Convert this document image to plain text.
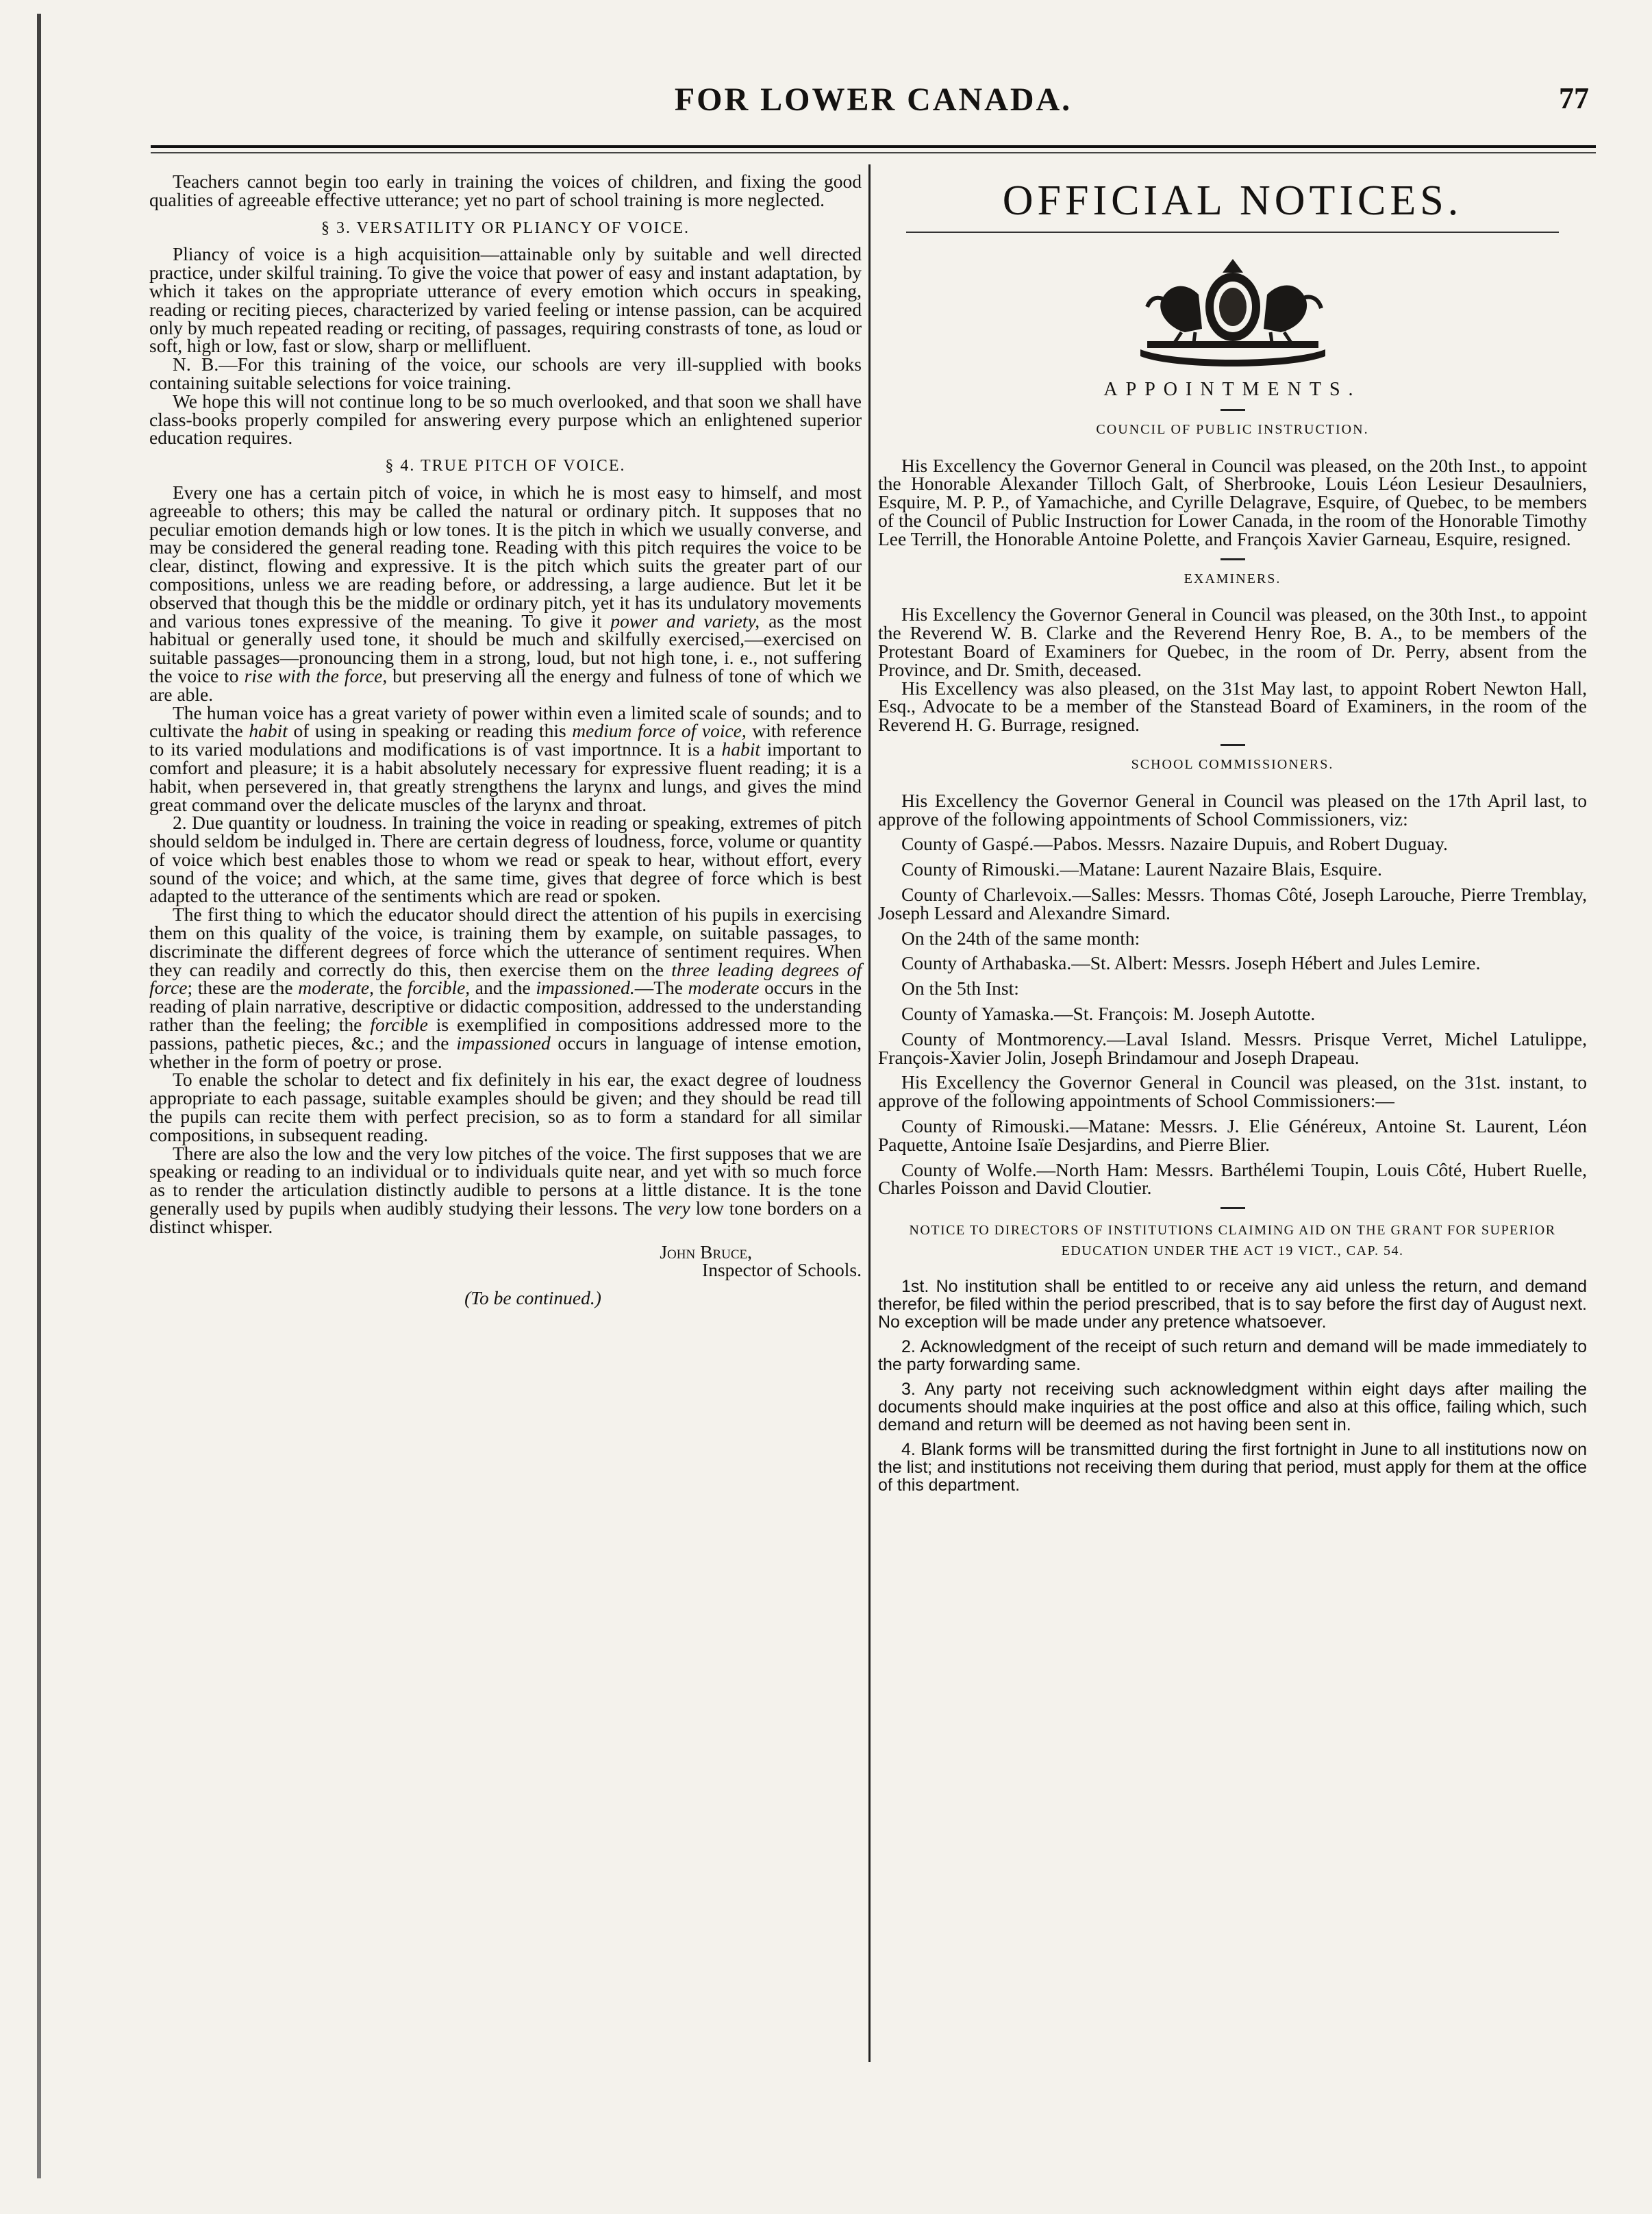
FOR LOWER CANADA.	77

Teachers cannot begin too early in training the voices of children, and fixing the good qualities of agreeable effective utterance; yet no part of school training is more neglected.

§ 3. VERSATILITY OR PLIANCY OF VOICE.

Pliancy of voice is a high acquisition—attainable only by suitable and well directed practice, under skilful training. To give the voice that power of easy and instant adaptation, by which it takes on the appropriate utterance of every emotion which occurs in speaking, reading or reciting pieces, characterized by varied feeling or intense passion, can be acquired only by much repeated reading or reciting, of passages, requiring constrasts of tone, as loud or soft, high or low, fast or slow, sharp or mellifluent.

N. B.—For this training of the voice, our schools are very ill-supplied with books containing suitable selections for voice training.

We hope this will not continue long to be so much overlooked, and that soon we shall have class-books properly compiled for answering every purpose which an enlightened superior education requires.

§ 4. TRUE PITCH OF VOICE.

Every one has a certain pitch of voice, in which he is most easy to himself, and most agreeable to others; this may be called the natural or ordinary pitch. It supposes that no peculiar emotion demands high or low tones. It is the pitch in which we usually converse, and may be considered the general reading tone. Reading with this pitch requires the voice to be clear, distinct, flowing and expressive. It is the pitch which suits the greater part of our compositions, unless we are reading before, or addressing, a large audience. But let it be observed that though this be the middle or ordinary pitch, yet it has its undulatory movements and various tones expressive of the meaning. To give it power and variety, as the most habitual or generally used tone, it should be much and skilfully exercised,—exercised on suitable passages—pronouncing them in a strong, loud, but not high tone, i. e., not suffering the voice to rise with the force, but preserving all the energy and fulness of tone of which we are able.

The human voice has a great variety of power within even a limited scale of sounds; and to cultivate the habit of using in speaking or reading this medium force of voice, with reference to its varied modulations and modifications is of vast importnnce. It is a habit important to comfort and pleasure; it is a habit absolutely necessary for expressive fluent reading; it is a habit, when persevered in, that greatly strengthens the larynx and lungs, and gives the mind great command over the delicate muscles of the larynx and throat.

2. Due quantity or loudness. In training the voice in reading or speaking, extremes of pitch should seldom be indulged in. There are certain degress of loudness, force, volume or quantity of voice which best enables those to whom we read or speak to hear, without effort, every sound of the voice; and which, at the same time, gives that degree of force which is best adapted to the utterance of the sentiments which are read or spoken.

The first thing to which the educator should direct the attention of his pupils in exercising them on this quality of the voice, is training them by example, on suitable passages, to discriminate the different degrees of force which the utterance of sentiment requires. When they can readily and correctly do this, then exercise them on the three leading degrees of force; these are the moderate, the forcible, and the impassioned.—The moderate occurs in the reading of plain narrative, descriptive or didactic composition, addressed to the understanding rather than the feeling; the forcible is exemplified in compositions addressed more to the passions, pathetic pieces, &c.; and the impassioned occurs in language of intense emotion, whether in the form of poetry or prose.

To enable the scholar to detect and fix definitely in his ear, the exact degree of loudness appropriate to each passage, suitable examples should be given; and they should be read till the pupils can recite them with perfect precision, so as to form a standard for all similar compositions, in subsequent reading.

There are also the low and the very low pitches of the voice. The first supposes that we are speaking or reading to an individual or to individuals quite near, and yet with so much force as to render the articulation distinctly audible to persons at a little distance. It is the tone generally used by pupils when audibly studying their lessons. The very low tone borders on a distinct whisper.

John Bruce,

Inspector of Schools.

(To be continued.)

OFFICIAL NOTICES.
APPOINTMENTS.
COUNCIL OF PUBLIC INSTRUCTION.

His Excellency the Governor General in Council was pleased, on the 20th Inst., to appoint the Honorable Alexander Tilloch Galt, of Sherbrooke, Louis Léon Lesieur Desaulniers, Esquire, M. P. P., of Yamachiche, and Cyrille Delagrave, Esquire, of Quebec, to be members of the Council of Public Instruction for Lower Canada, in the room of the Honorable Timothy Lee Terrill, the Honorable Antoine Polette, and François Xavier Garneau, Esquire, resigned.

EXAMINERS.

His Excellency the Governor General in Council was pleased, on the 30th Inst., to appoint the Reverend W. B. Clarke and the Reverend Henry Roe, B. A., to be members of the Protestant Board of Examiners for Quebec, in the room of Dr. Perry, absent from the Province, and Dr. Smith, deceased.

His Excellency was also pleased, on the 31st May last, to appoint Robert Newton Hall, Esq., Advocate to be a member of the Stanstead Board of Examiners, in the room of the Reverend H. G. Burrage, resigned.

SCHOOL COMMISSIONERS.

His Excellency the Governor General in Council was pleased on the 17th April last, to approve of the following appointments of School Commissioners, viz:

County of Gaspé.—Pabos. Messrs. Nazaire Dupuis, and Robert Duguay.

County of Rimouski.—Matane: Laurent Nazaire Blais, Esquire.

County of Charlevoix.—Salles: Messrs. Thomas Côté, Joseph Larouche, Pierre Tremblay, Joseph Lessard and Alexandre Simard.

On the 24th of the same month:

County of Arthabaska.—St. Albert: Messrs. Joseph Hébert and Jules Lemire.

On the 5th Inst:

County of Yamaska.—St. François: M. Joseph Autotte.

County of Montmorency.—Laval Island. Messrs. Prisque Verret, Michel Latulippe, François-Xavier Jolin, Joseph Brindamour and Joseph Drapeau.

His Excellency the Governor General in Council was pleased, on the 31st. instant, to approve of the following appointments of School Commissioners:—

County of Rimouski.—Matane: Messrs. J. Elie Généreux, Antoine St. Laurent, Léon Paquette, Antoine Isaïe Desjardins, and Pierre Blier.

County of Wolfe.—North Ham: Messrs. Barthélemi Toupin, Louis Côté, Hubert Ruelle, Charles Poisson and David Cloutier.

NOTICE TO DIRECTORS OF INSTITUTIONS CLAIMING AID ON THE GRANT FOR SUPERIOR EDUCATION UNDER THE ACT 19 VICT., CAP. 54.

1st. No institution shall be entitled to or receive any aid unless the return, and demand therefor, be filed within the period prescribed, that is to say before the first day of August next. No exception will be made under any pretence whatsoever.

2. Acknowledgment of the receipt of such return and demand will be made immediately to the party forwarding same.

3. Any party not receiving such acknowledgment within eight days after mailing the documents should make inquiries at the post office and also at this office, failing which, such demand and return will be deemed as not having been sent in.

4. Blank forms will be transmitted during the first fortnight in June to all institutions now on the list; and institutions not receiving them during that period, must apply for them at the office of this department.
